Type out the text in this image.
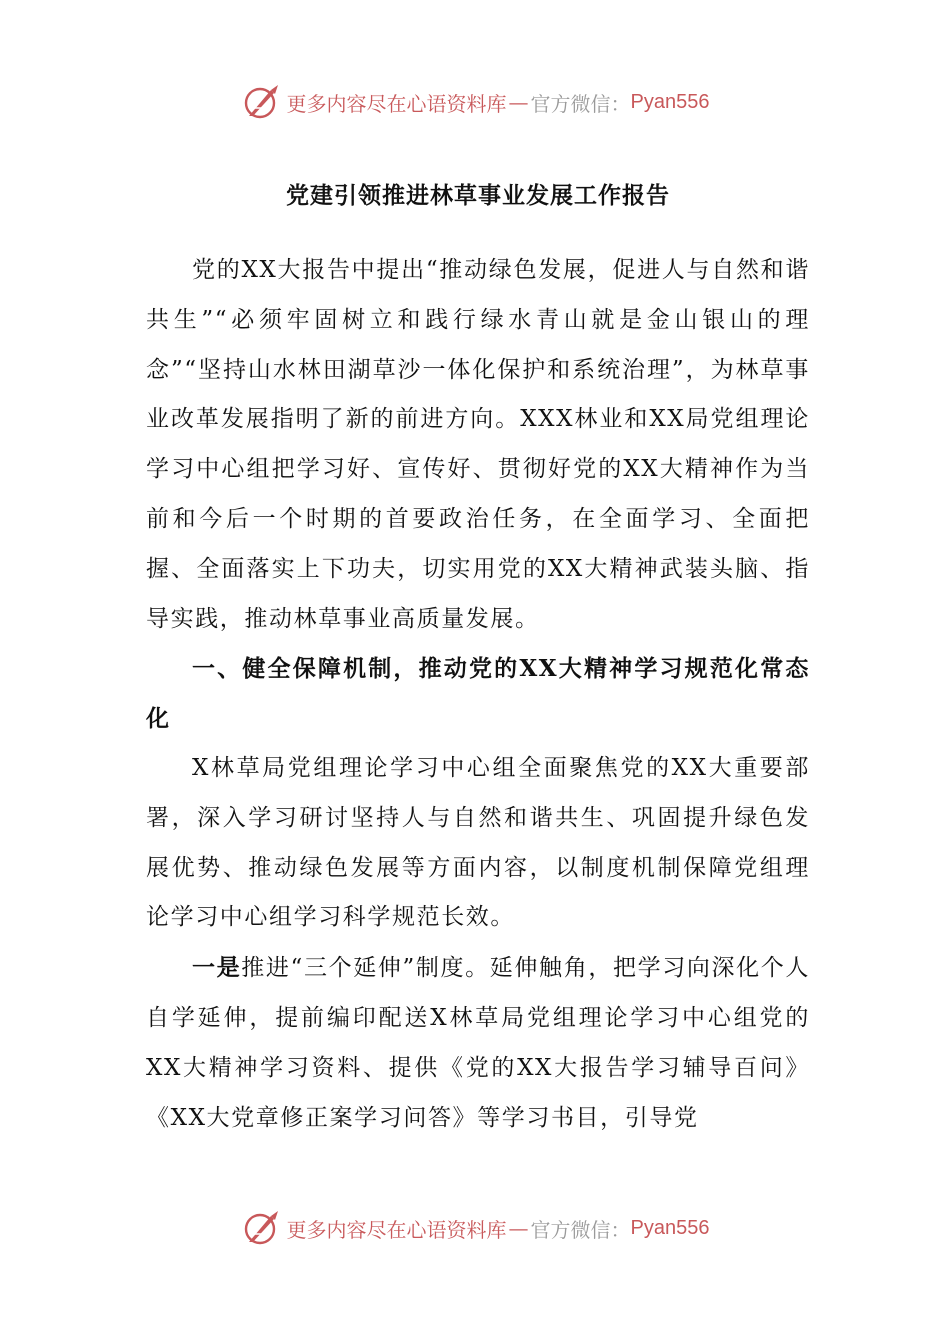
更多内容尽在心语资料库 — 官方微信： Pyan556
党建引领推进林草事业发展工作报告

党的XX大报告中提出“推动绿色发展，促进人与自然和谐共生”“必须牢固树立和践行绿水青山就是金山银山的理念”“坚持山水林田湖草沙一体化保护和系统治理”，为林草事业改革发展指明了新的前进方向。XXX林业和XX局党组理论学习中心组把学习好、宣传好、贯彻好党的XX大精神作为当前和今后一个时期的首要政治任务，在全面学习、全面把握、全面落实上下功夫，切实用党的XX大精神武装头脑、指导实践，推动林草事业高质量发展。

一、健全保障机制，推动党的XX大精神学习规范化常态化

X林草局党组理论学习中心组全面聚焦党的XX大重要部署，深入学习研讨坚持人与自然和谐共生、巩固提升绿色发展优势、推动绿色发展等方面内容，以制度机制保障党组理论学习中心组学习科学规范长效。

一是推进“三个延伸”制度。延伸触角，把学习向深化个人自学延伸，提前编印配送X林草局党组理论学习中心组党的XX大精神学习资料、提供《党的XX大报告学习辅导百问》《XX大党章修正案学习问答》等学习书目，引导党

更多内容尽在心语资料库 — 官方微信： Pyan556
